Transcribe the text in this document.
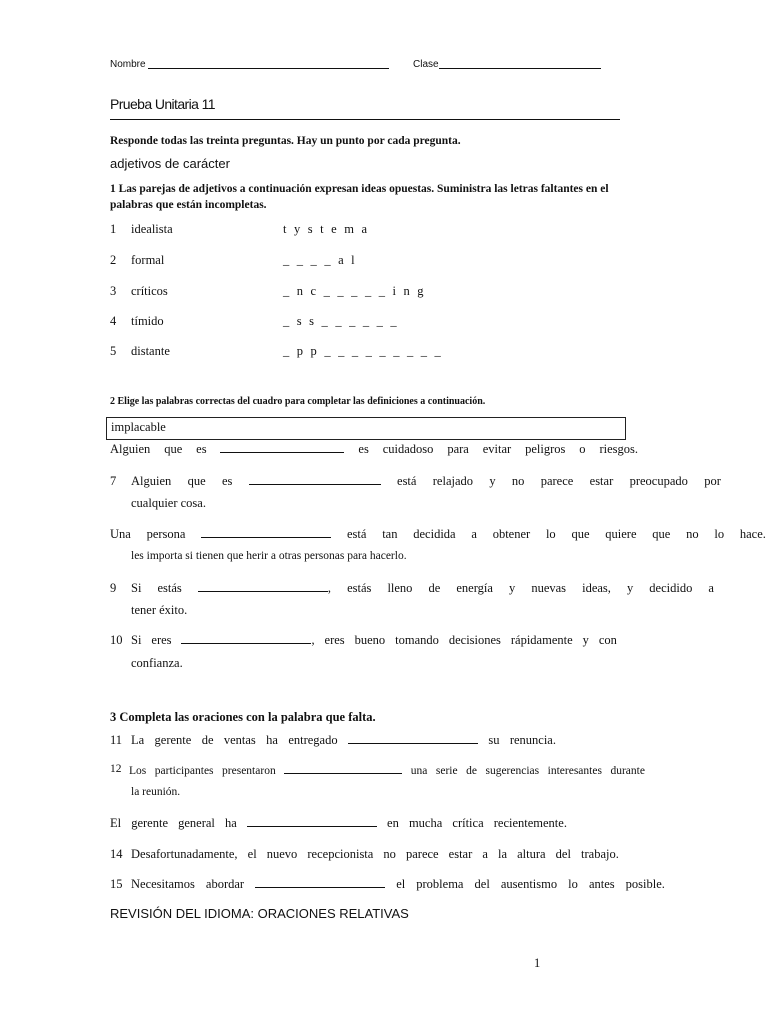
Nombre	Clase
Prueba Unitaria 11
Responde todas las treinta preguntas. Hay un punto por cada pregunta.
adjetivos de carácter
1 Las parejas de adjetivos a continuación expresan ideas opuestas. Suministra las letras faltantes en el
palabras que están incompletas.
1 idealista	t y s t e m a
2 formal	_ _ _ _ a l
3 críticos	_ n c _ _ _ _ _ i n g
4 tímido	_ s s _ _ _ _ _ _
5 distante	_ p p _ _ _ _ _ _ _ _ _
2 Elige las palabras correctas del cuadro para completar las definiciones a continuación.
implacable
Alguien que es	es cuidadoso para evitar peligros o riesgos.
7 Alguien que es	está relajado y no parece estar preocupado por
cualquier cosa.
Una persona	está tan decidida a obtener lo que quiere que no lo hace.
les importa si tienen que herir a otras personas para hacerlo.
9 Si estás	, estás lleno de energía y nuevas ideas, y decidido a
tener éxito.
10 Si eres	, eres bueno tomando decisiones rápidamente y con
confianza.
3 Completa las oraciones con la palabra que falta.
11 La gerente de ventas ha entregado	su renuncia.
12 Los participantes presentaron	una serie de sugerencias interesantes durante
la reunión.
El gerente general ha	en mucha crítica recientemente.
14 Desafortunadamente, el nuevo recepcionista no parece estar a la altura del trabajo.
15 Necesitamos abordar	el problema del ausentismo lo antes posible.
REVISIÓN DEL IDIOMA: ORACIONES RELATIVAS
1
